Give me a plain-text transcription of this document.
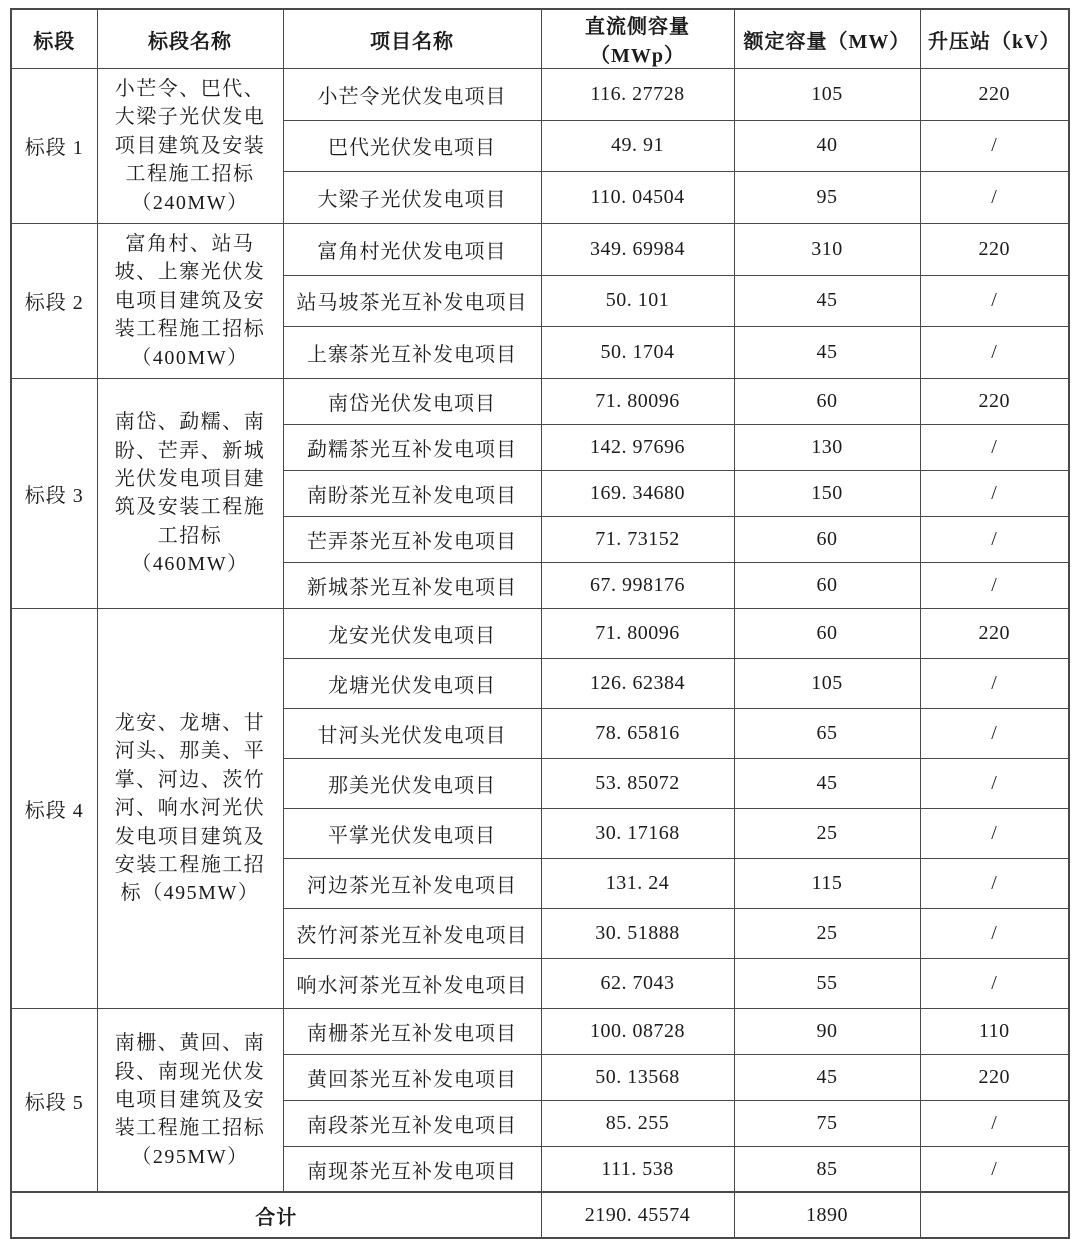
标段	标段名称	项目名称	直流侧容量（MWp）	额定容量（MW）	升压站（kV）
标段 1	小芒令、巴代、大梁子光伏发电项目建筑及安装工程施工招标（240MW）	小芒令光伏发电项目	116. 27728	105	220
		巴代光伏发电项目	49. 91	40	/
		大梁子光伏发电项目	110. 04504	95	/
标段 2	富角村、站马坡、上寨光伏发电项目建筑及安装工程施工招标（400MW）	富角村光伏发电项目	349. 69984	310	220
		站马坡茶光互补发电项目	50. 101	45	/
		上寨茶光互补发电项目	50. 1704	45	/
标段 3	南岱、勐糯、南盼、芒弄、新城光伏发电项目建筑及安装工程施工招标（460MW）	南岱光伏发电项目	71. 80096	60	220
		勐糯茶光互补发电项目	142. 97696	130	/
		南盼茶光互补发电项目	169. 34680	150	/
		芒弄茶光互补发电项目	71. 73152	60	/
		新城茶光互补发电项目	67. 998176	60	/
标段 4	龙安、龙塘、甘河头、那美、平掌、河边、茨竹河、响水河光伏发电项目建筑及安装工程施工招标（495MW）	龙安光伏发电项目	71. 80096	60	220
		龙塘光伏发电项目	126. 62384	105	/
		甘河头光伏发电项目	78. 65816	65	/
		那美光伏发电项目	53. 85072	45	/
		平掌光伏发电项目	30. 17168	25	/
		河边茶光互补发电项目	131. 24	115	/
		茨竹河茶光互补发电项目	30. 51888	25	/
		响水河茶光互补发电项目	62. 7043	55	/
标段 5	南栅、黄回、南段、南现光伏发电项目建筑及安装工程施工招标（295MW）	南栅茶光互补发电项目	100. 08728	90	110
		黄回茶光互补发电项目	50. 13568	45	220
		南段茶光互补发电项目	85. 255	75	/
		南现茶光互补发电项目	111. 538	85	/
合计			2190. 45574	1890	
